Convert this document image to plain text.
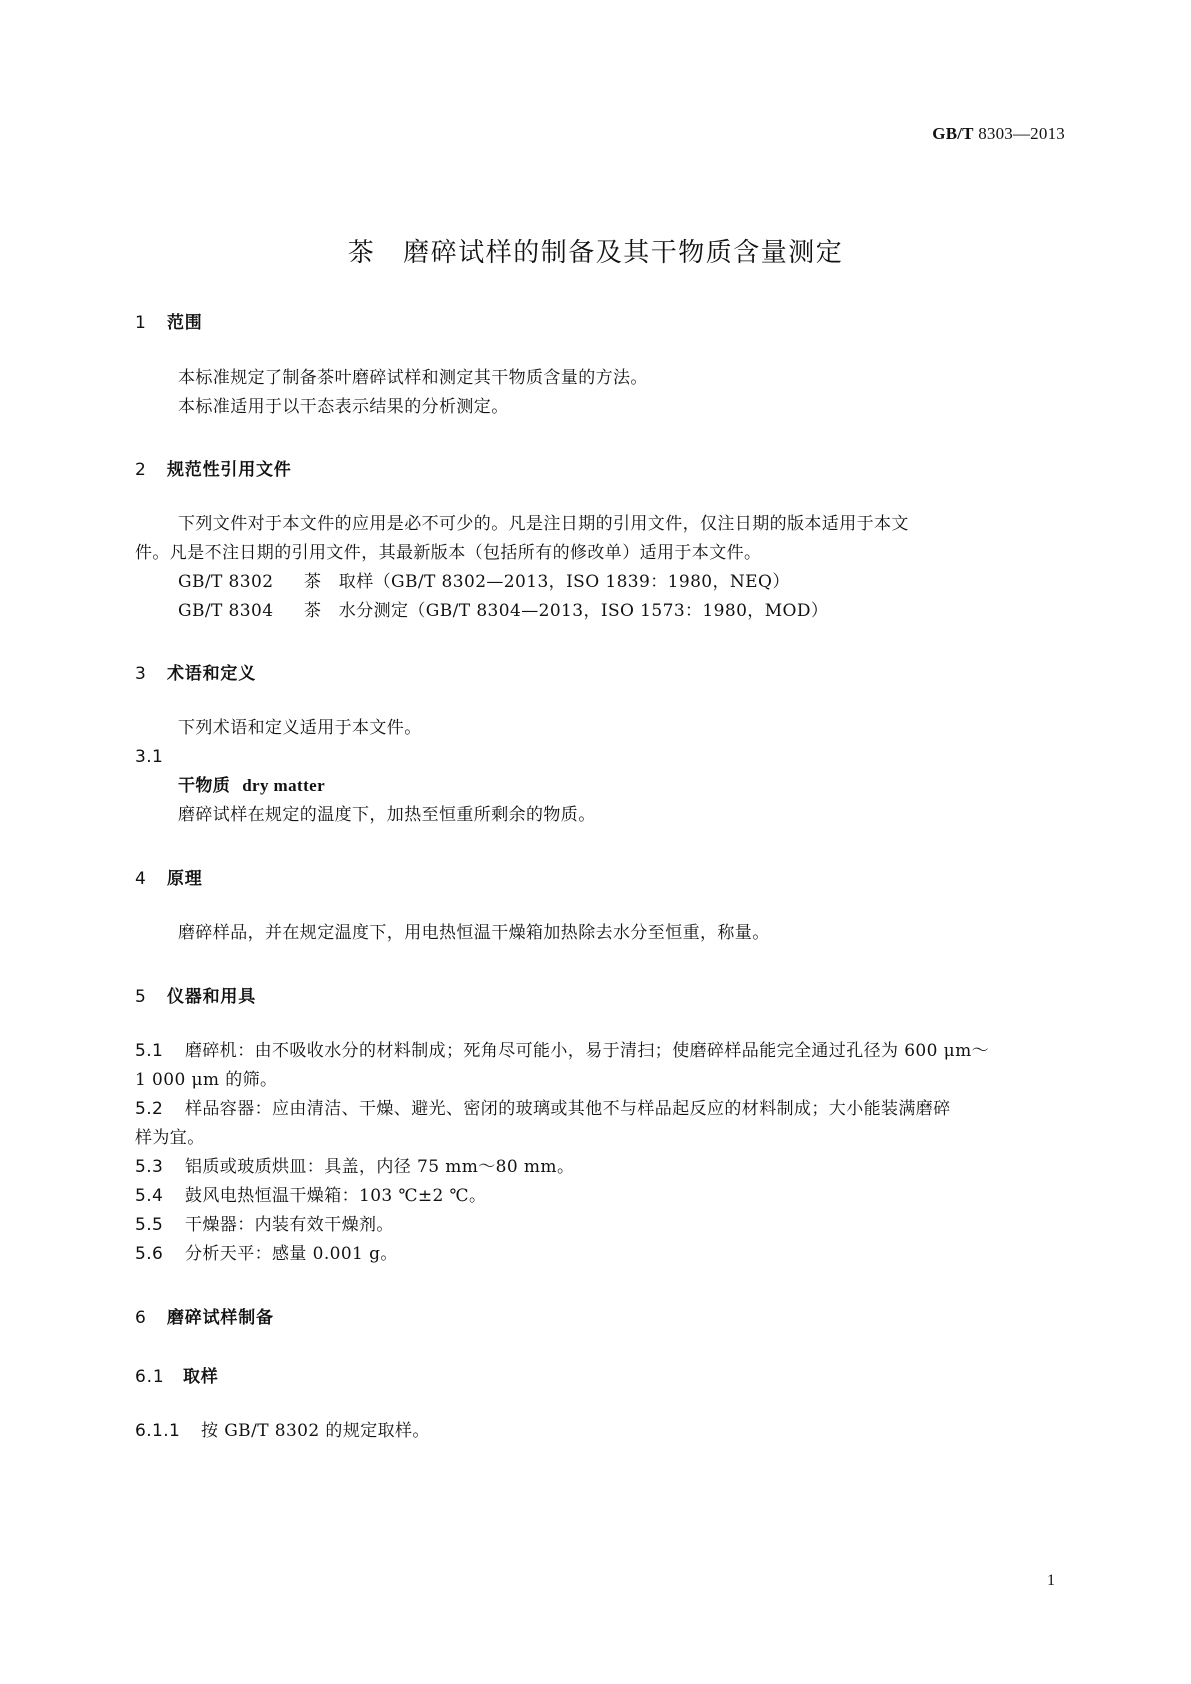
GB/T 8303—2013
茶 磨碎试样的制备及其干物质含量测定
1 范围
本标准规定了制备茶叶磨碎试样和测定其干物质含量的方法。
本标准适用于以干态表示结果的分析测定。
2 规范性引用文件
下列文件对于本文件的应用是必不可少的。凡是注日期的引用文件，仅注日期的版本适用于本文
件。凡是不注日期的引用文件，其最新版本（包括所有的修改单）适用于本文件。
GB/T 8302 茶　取样（GB/T 8302—2013，ISO 1839：1980，NEQ）
GB/T 8304 茶　水分测定（GB/T 8304—2013，ISO 1573：1980，MOD）
3 术语和定义
下列术语和定义适用于本文件。
3.1
干物质 dry matter
磨碎试样在规定的温度下，加热至恒重所剩余的物质。
4 原理
磨碎样品，并在规定温度下，用电热恒温干燥箱加热除去水分至恒重，称量。
5 仪器和用具
5.1 磨碎机：由不吸收水分的材料制成；死角尽可能小，易于清扫；使磨碎样品能完全通过孔径为 600 μm～
1 000 μm 的筛。
5.2 样品容器：应由清洁、干燥、避光、密闭的玻璃或其他不与样品起反应的材料制成；大小能装满磨碎
样为宜。
5.3 铝质或玻质烘皿：具盖，内径 75 mm～80 mm。
5.4 鼓风电热恒温干燥箱：103 ℃±2 ℃。
5.5 干燥器：内装有效干燥剂。
5.6 分析天平：感量 0.001 g。
6 磨碎试样制备
6.1 取样
6.1.1 按 GB/T 8302 的规定取样。
1
